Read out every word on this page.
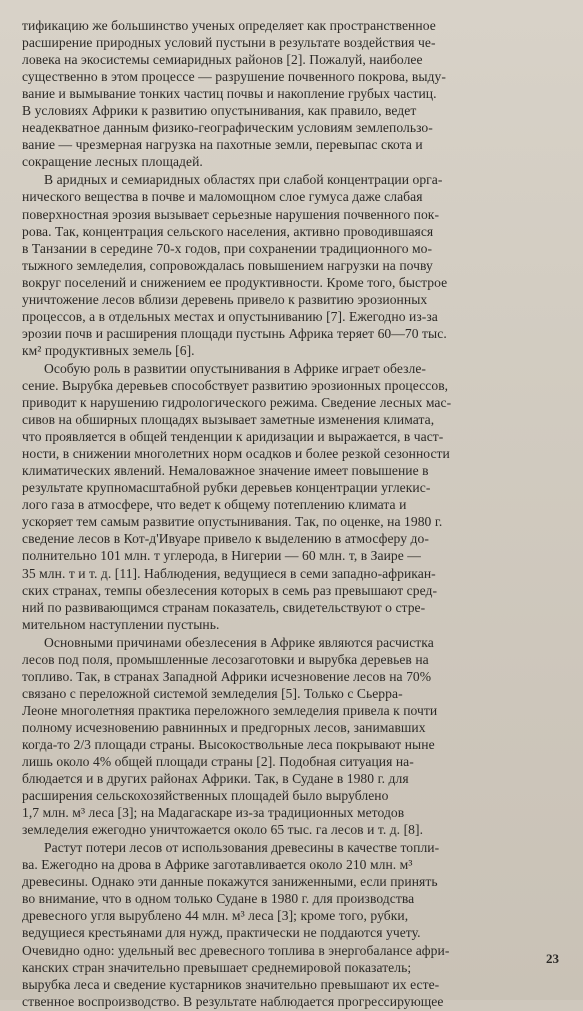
тификацию же большинство ученых определяет как пространственное
расширение природных условий пустыни в результате воздействия че-
ловека на экосистемы семиаридных районов [2]. Пожалуй, наиболее
существенно в этом процессе — разрушение почвенного покрова, выду-
вание и вымывание тонких частиц почвы и накопление грубых частиц.
В условиях Африки к развитию опустынивания, как правило, ведет
неадекватное данным физико-географическим условиям землепользо-
вание — чрезмерная нагрузка на пахотные земли, перевыпас скота и
сокращение лесных площадей.
В аридных и семиаридных областях при слабой концентрации орга-
нического вещества в почве и маломощном слое гумуса даже слабая
поверхностная эрозия вызывает серьезные нарушения почвенного пок-
рова. Так, концентрация сельского населения, активно проводившаяся
в Танзании в середине 70-х годов, при сохранении традиционного мо-
тыжного земледелия, сопровождалась повышением нагрузки на почву
вокруг поселений и снижением ее продуктивности. Кроме того, быстрое
уничтожение лесов вблизи деревень привело к развитию эрозионных
процессов, а в отдельных местах и опустыниванию [7]. Ежегодно из-за
эрозии почв и расширения площади пустынь Африка теряет 60—70 тыс.
км² продуктивных земель [6].
Особую роль в развитии опустынивания в Африке играет обезле-
сение. Вырубка деревьев способствует развитию эрозионных процессов,
приводит к нарушению гидрологического режима. Сведение лесных мас-
сивов на обширных площадях вызывает заметные изменения климата,
что проявляется в общей тенденции к аридизации и выражается, в част-
ности, в снижении многолетних норм осадков и более резкой сезонности
климатических явлений. Немаловажное значение имеет повышение в
результате крупномасштабной рубки деревьев концентрации углекис-
лого газа в атмосфере, что ведет к общему потеплению климата и
ускоряет тем самым развитие опустынивания. Так, по оценке, на 1980 г.
сведение лесов в Кот-д'Ивуаре привело к выделению в атмосферу до-
полнительно 101 млн. т углерода, в Нигерии — 60 млн. т, в Заире —
35 млн. т и т. д. [11]. Наблюдения, ведущиеся в семи западно-африкан-
ских странах, темпы обезлесения которых в семь раз превышают сред-
ний по развивающимся странам показатель, свидетельствуют о стре-
мительном наступлении пустынь.
Основными причинами обезлесения в Африке являются расчистка
лесов под поля, промышленные лесозаготовки и вырубка деревьев на
топливо. Так, в странах Западной Африки исчезновение лесов на 70%
связано с переложной системой земледелия [5]. Только с Сьерра-
Леоне многолетняя практика переложного земледелия привела к почти
полному исчезновению равнинных и предгорных лесов, занимавших
когда-то 2/3 площади страны. Высокоствольные леса покрывают ныне
лишь около 4% общей площади страны [2]. Подобная ситуация на-
блюдается и в других районах Африки. Так, в Судане в 1980 г. для
расширения сельскохозяйственных площадей было вырублено
1,7 млн. м³ леса [3]; на Мадагаскаре из-за традиционных методов
земледелия ежегодно уничтожается около 65 тыс. га лесов и т. д. [8].
Растут потери лесов от использования древесины в качестве топли-
ва. Ежегодно на дрова в Африке заготавливается около 210 млн. м³
древесины. Однако эти данные покажутся заниженными, если принять
во внимание, что в одном только Судане в 1980 г. для производства
древесного угля вырублено 44 млн. м³ леса [3]; кроме того, рубки,
ведущиеся крестьянами для нужд, практически не поддаются учету.
Очевидно одно: удельный вес древесного топлива в энергобалансе афри-
канских стран значительно превышает среднемировой показатель;
вырубка леса и сведение кустарников значительно превышают их есте-
ственное воспроизводство. В результате наблюдается прогрессирующее
23
